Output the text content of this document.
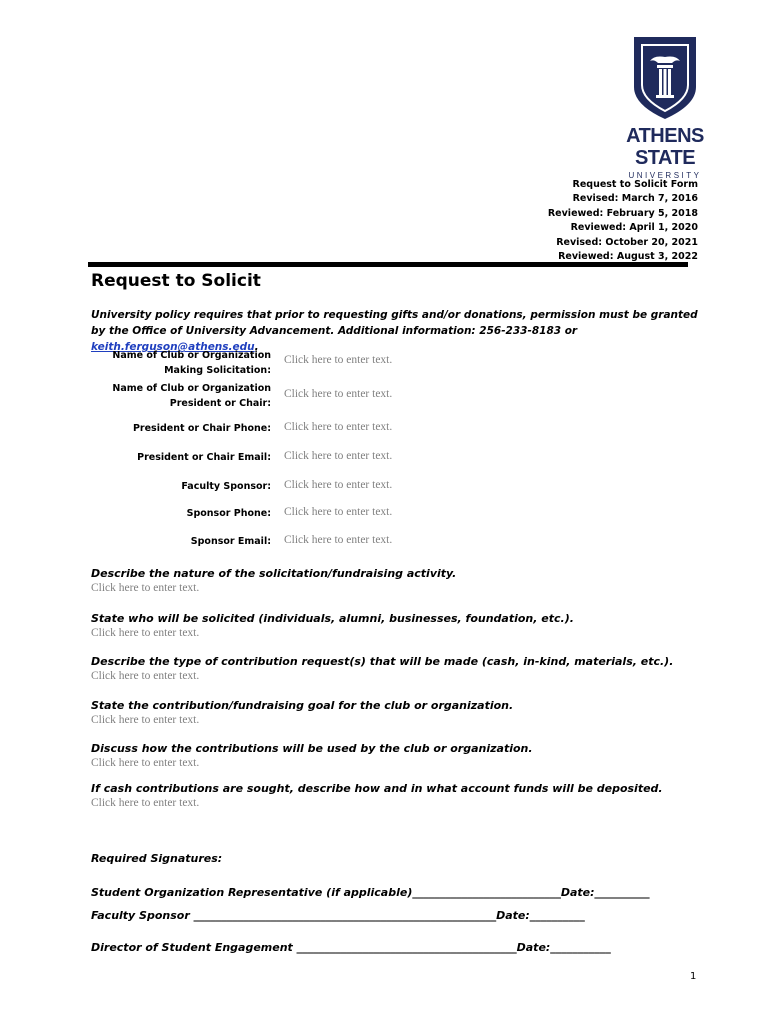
ATHENS
STATE
UNIVERSITY
Request to Solicit Form
Revised: March 7, 2016
Reviewed: February 5, 2018
Reviewed: April 1, 2020
Revised: October 20, 2021
Reviewed: August 3, 2022
Request to Solicit
University policy requires that prior to requesting gifts and/or donations, permission must be granted by the Office of University Advancement. Additional information: 256-233-8183 or keith.ferguson@athens.edu.
Name of Club or Organization
Making Solicitation:
Click here to enter text.
Name of Club or Organization
President or Chair:
Click here to enter text.
President or Chair Phone: Click here to enter text.
President or Chair Email: Click here to enter text.
Faculty Sponsor: Click here to enter text.
Sponsor Phone: Click here to enter text.
Sponsor Email: Click here to enter text.
Describe the nature of the solicitation/fundraising activity.
Click here to enter text.
State who will be solicited (individuals, alumni, businesses, foundation, etc.).
Click here to enter text.
Describe the type of contribution request(s) that will be made (cash, in-kind, materials, etc.).
Click here to enter text.
State the contribution/fundraising goal for the club or organization.
Click here to enter text.
Discuss how the contributions will be used by the club or organization.
Click here to enter text.
If cash contributions are sought, describe how and in what account funds will be deposited.
Click here to enter text.
Required Signatures:
Student Organization Representative (if applicable)___________________________Date:__________
Faculty Sponsor _______________________________________________________Date:__________
Director of Student Engagement ________________________________________Date:___________
1
